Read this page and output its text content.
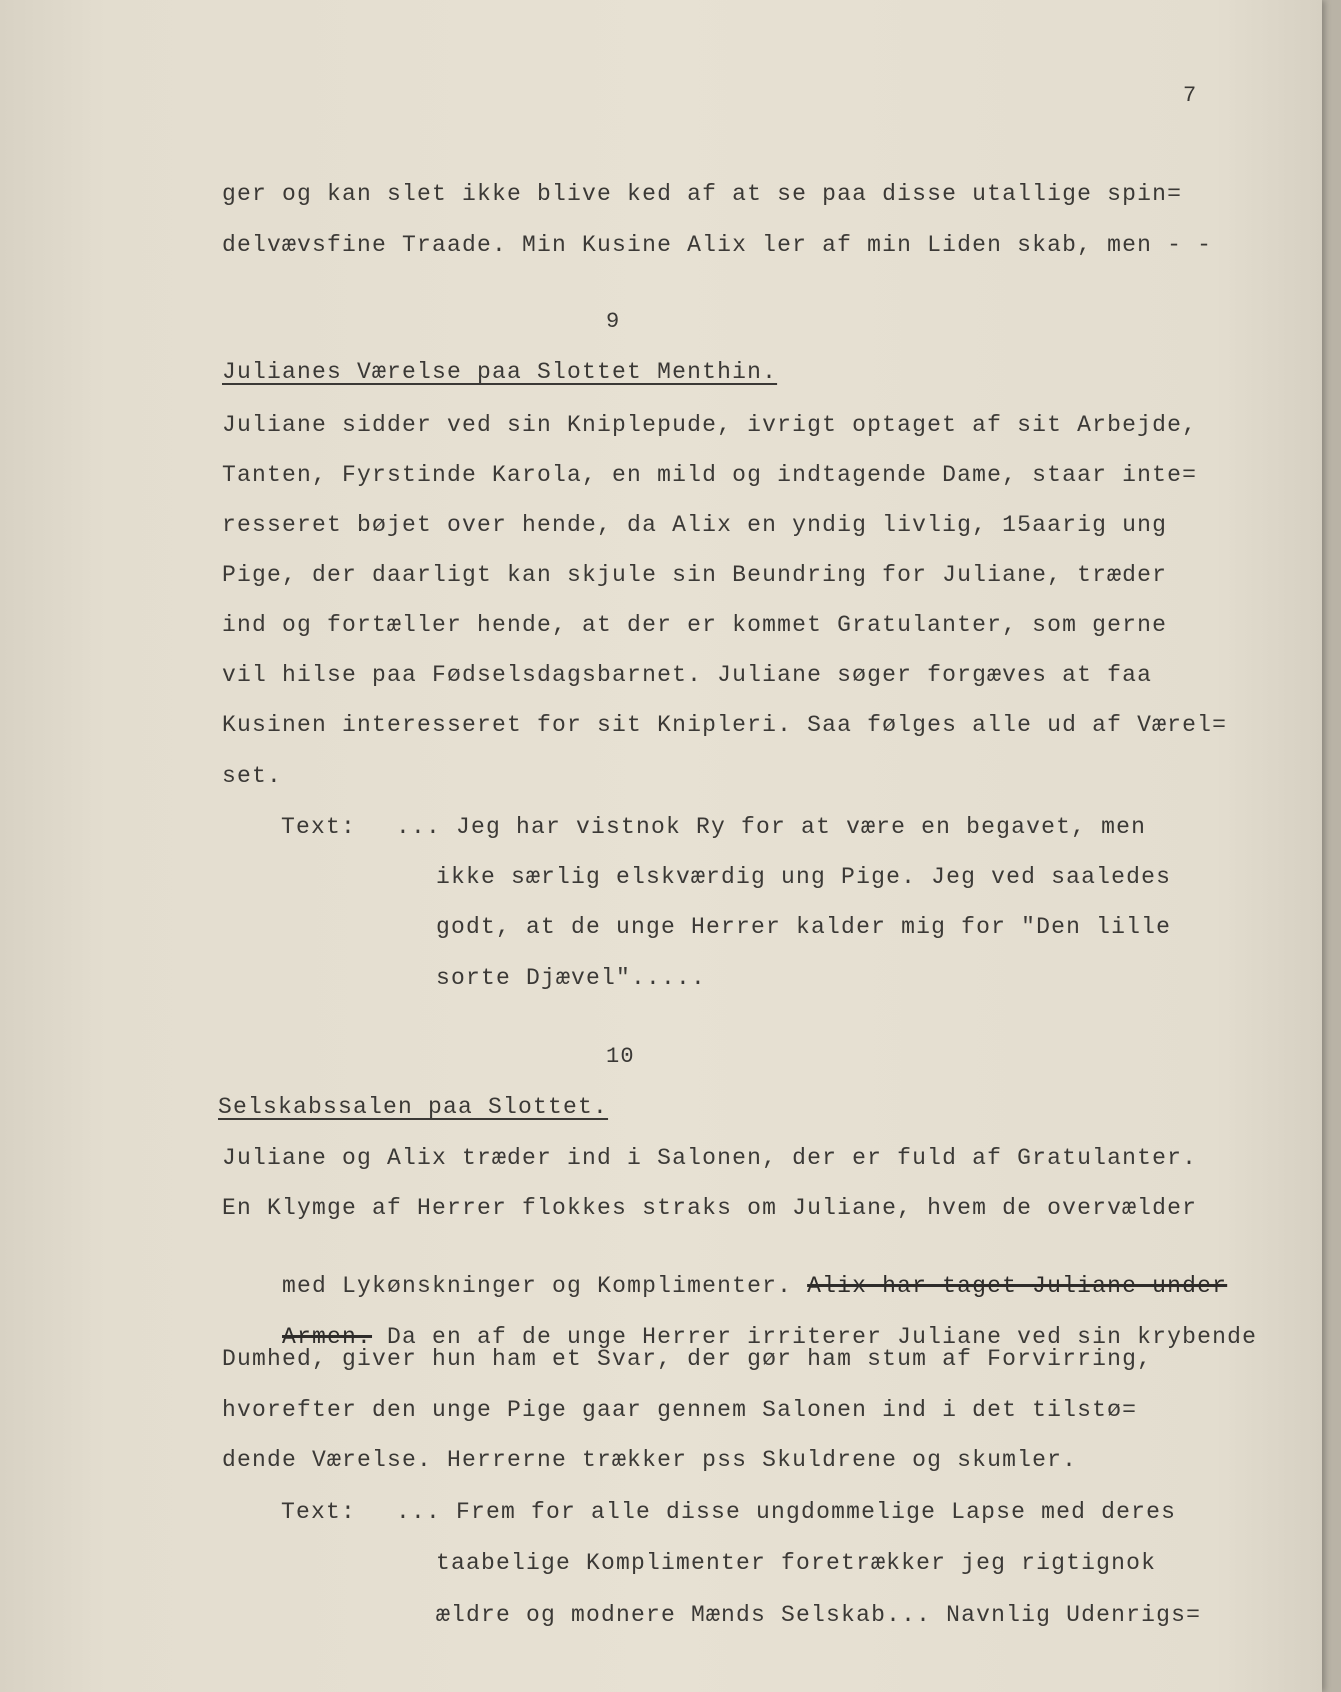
7
ger og kan slet ikke blive ked af at se paa disse utallige spin=
delvævsfine Traade. Min Kusine Alix ler af min Liden skab, men - -
9
Julianes Værelse paa Slottet Menthin.
Juliane sidder ved sin Kniplepude, ivrigt optaget af sit Arbejde,
Tanten, Fyrstinde Karola, en mild og indtagende Dame, staar inte=
resseret bøjet over hende, da Alix en yndig livlig, 15aarig ung
Pige, der daarligt kan skjule sin Beundring for Juliane, træder
ind og fortæller hende, at der er kommet Gratulanter, som gerne
vil hilse paa Fødselsdagsbarnet. Juliane søger forgæves at faa
Kusinen interesseret for sit Knipleri. Saa følges alle ud af Værel=
set.
Text: ... Jeg har vistnok Ry for at være en begavet, men
ikke særlig elskværdig ung Pige. Jeg ved saaledes
godt, at de unge Herrer kalder mig for "Den lille
sorte Djævel".....
10
Selskabssalen paa Slottet.
Juliane og Alix træder ind i Salonen, der er fuld af Gratulanter.
En Klymge af Herrer flokkes straks om Juliane, hvem de overvælder

med Lykønskninger og Komplimenter. Alix har taget Juliane under

Armen. Da en af de unge Herrer irriterer Juliane ved sin krybende

Dumhed, giver hun ham et Svar, der gør ham stum af Forvirring,
hvorefter den unge Pige gaar gennem Salonen ind i det tilstø=
dende Værelse. Herrerne trækker pss Skuldrene og skumler.
Text: ... Frem for alle disse ungdommelige Lapse med deres
taabelige Komplimenter foretrækker jeg rigtignok
ældre og modnere Mænds Selskab... Navnlig Udenrigs=
